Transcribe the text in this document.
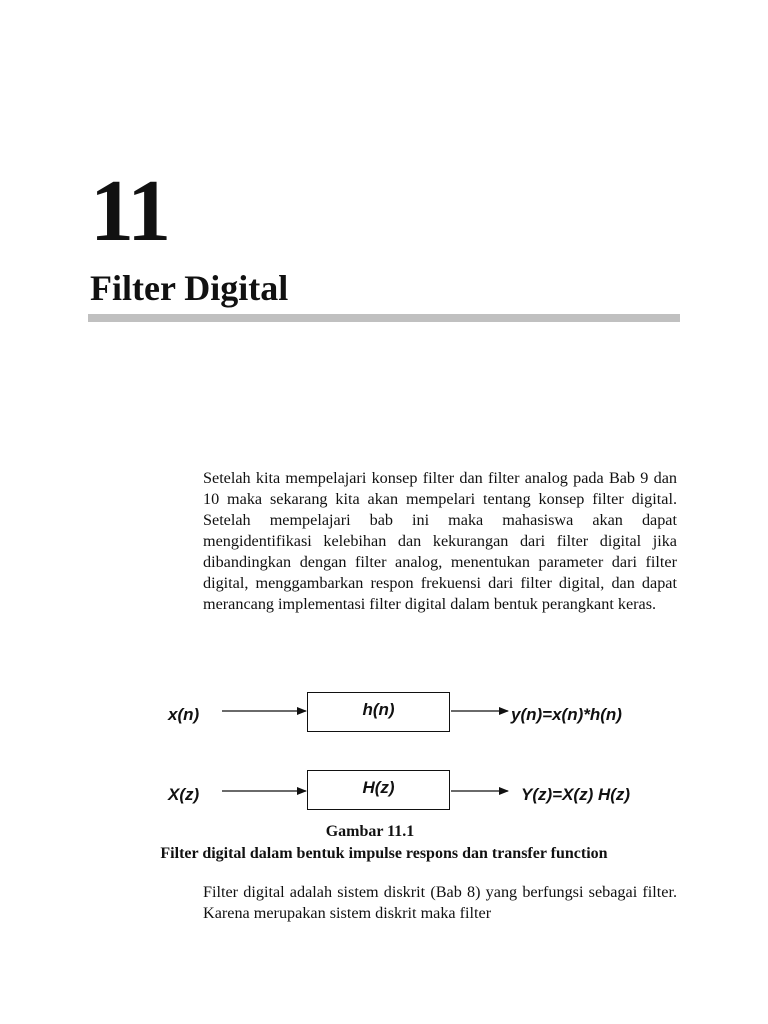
11
Filter Digital

Setelah kita mempelajari konsep filter dan filter analog pada Bab 9 dan 10 maka sekarang kita akan mempelari tentang konsep filter digital. Setelah mempelajari bab ini maka mahasiswa akan dapat mengidentifikasi kelebihan dan kekurangan dari filter digital jika dibandingkan dengan filter analog, menentukan parameter dari filter digital, menggambarkan respon frekuensi dari filter digital, dan dapat merancang implementasi filter digital dalam bentuk perangkant keras.

x(n)	h(n)	y(n)=x(n)*h(n)
X(z)	H(z)	Y(z)=X(z) H(z)
Gambar 11.1
Filter digital dalam bentuk impulse respons dan transfer function

Filter digital adalah sistem diskrit (Bab 8) yang berfungsi sebagai filter. Karena merupakan sistem diskrit maka filter
